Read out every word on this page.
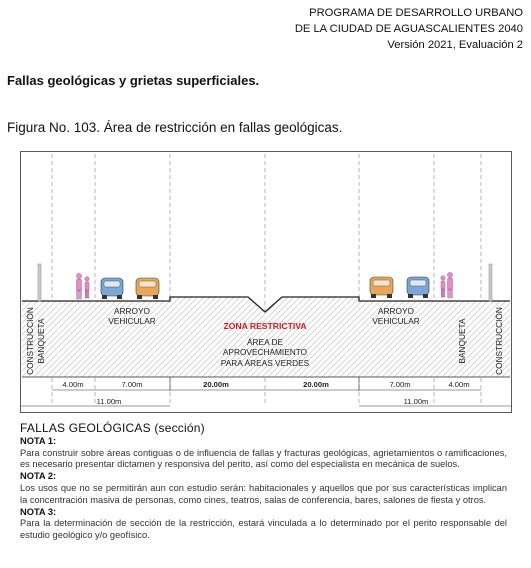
PROGRAMA DE DESARROLLO URBANO
DE LA CIUDAD DE AGUASCALIENTES 2040
Versión 2021, Evaluación 2
Fallas geológicas y grietas superficiales.
Figura No. 103. Área de restricción en fallas geológicas.
CONSTRUCCIÓN BANQUETA	BANQUETA	CONSTRUCCIÓN
ARROYO
VEHICULAR
ARROYO
VEHICULAR
ZONA RESTRICTIVA
ÁREA DE
APROVECHAMIENTO
PARA ÁREAS VERDES
4.00m	7.00m	20.00m	20.00m	7.00m	4.00m
11.00m	11.00m
FALLAS GEOLÓGICAS (sección)
NOTA 1:
Para construir sobre áreas contiguas o de influencia de fallas y fracturas geológicas, agrietamientos o ramificaciones, es necesario presentar dictamen y responsiva del perito, así como del especialista en mecánica de suelos.
NOTA 2:
Los usos que no se permitirán aun con estudio serán: habitacionales y aquellos que por sus características implican la concentración masiva de personas, como cines, teatros, salas de conferencia, bares, salones de fiesta y otros.
NOTA 3:
Para la determinación de sección de la restricción, estará vinculada a lo determinado por el perito responsable del estudio geológico y/o geofísico.
